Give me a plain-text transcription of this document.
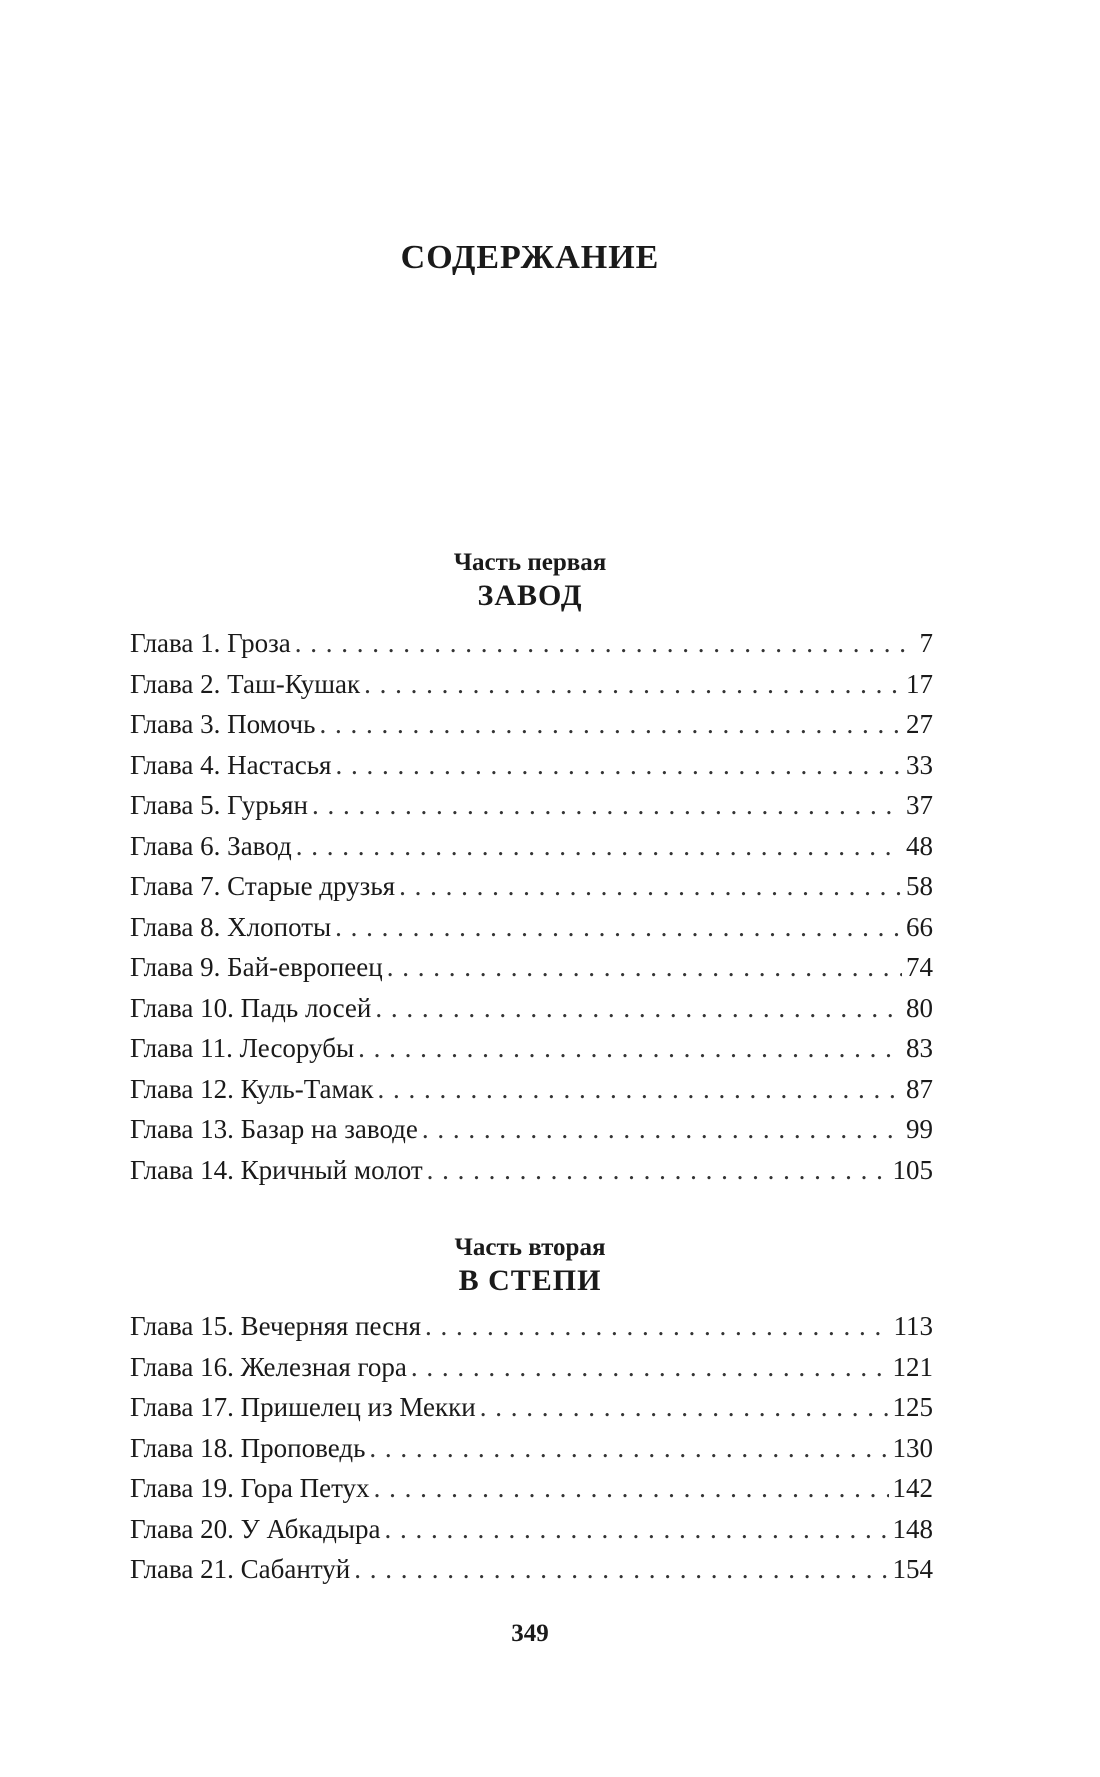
СОДЕРЖАНИЕ
Часть первая
ЗАВОД
Глава 1. Гроза . . .	7
Глава 2. Таш-Кушак . . .	17
Глава 3. Помочь . . .	27
Глава 4. Настасья . . .	33
Глава 5. Гурьян . . .	37
Глава 6. Завод . . .	48
Глава 7. Старые друзья . . .	58
Глава 8. Хлопоты . . .	66
Глава 9. Бай-европеец . . .	74
Глава 10. Падь лосей . . .	80
Глава 11. Лесорубы . . .	83
Глава 12. Куль-Тамак . . .	87
Глава 13. Базар на заводе . . .	99
Глава 14. Кричный молот . . .	105
Часть вторая
В СТЕПИ
Глава 15. Вечерняя песня . . .	113
Глава 16. Железная гора . . .	121
Глава 17. Пришелец из Мекки . . .	125
Глава 18. Проповедь . . .	130
Глава 19. Гора Петух . . .	142
Глава 20. У Абкадыра . . .	148
Глава 21. Сабантуй . . .	154
349
